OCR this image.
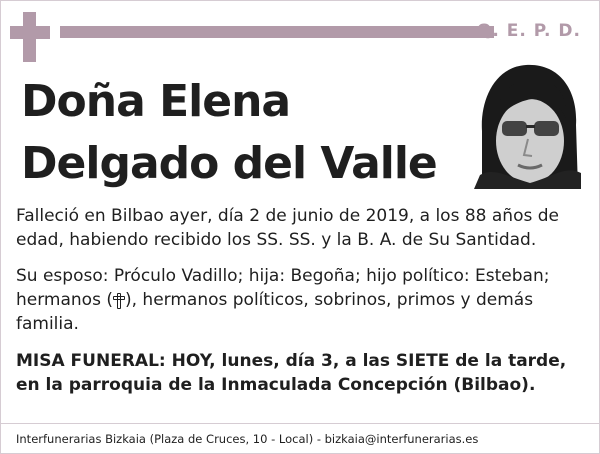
Q. E. P. D.
Doña Elena
Delgado del Valle
Falleció en Bilbao ayer, día 2 de junio de 2019, a los 88 años de edad, habiendo recibido los SS. SS. y la B. A. de Su Santidad.
Su esposo: Próculo Vadillo; hija: Begoña; hijo político: Esteban; hermanos ( ), hermanos políticos, sobrinos, primos y demás familia.
MISA FUNERAL: HOY, lunes, día 3, a las SIETE de la tarde, en la parroquia de la Inmaculada Concepción (Bilbao).
Interfunerarias Bizkaia (Plaza de Cruces, 10 - Local) - bizkaia@interfunerarias.es
